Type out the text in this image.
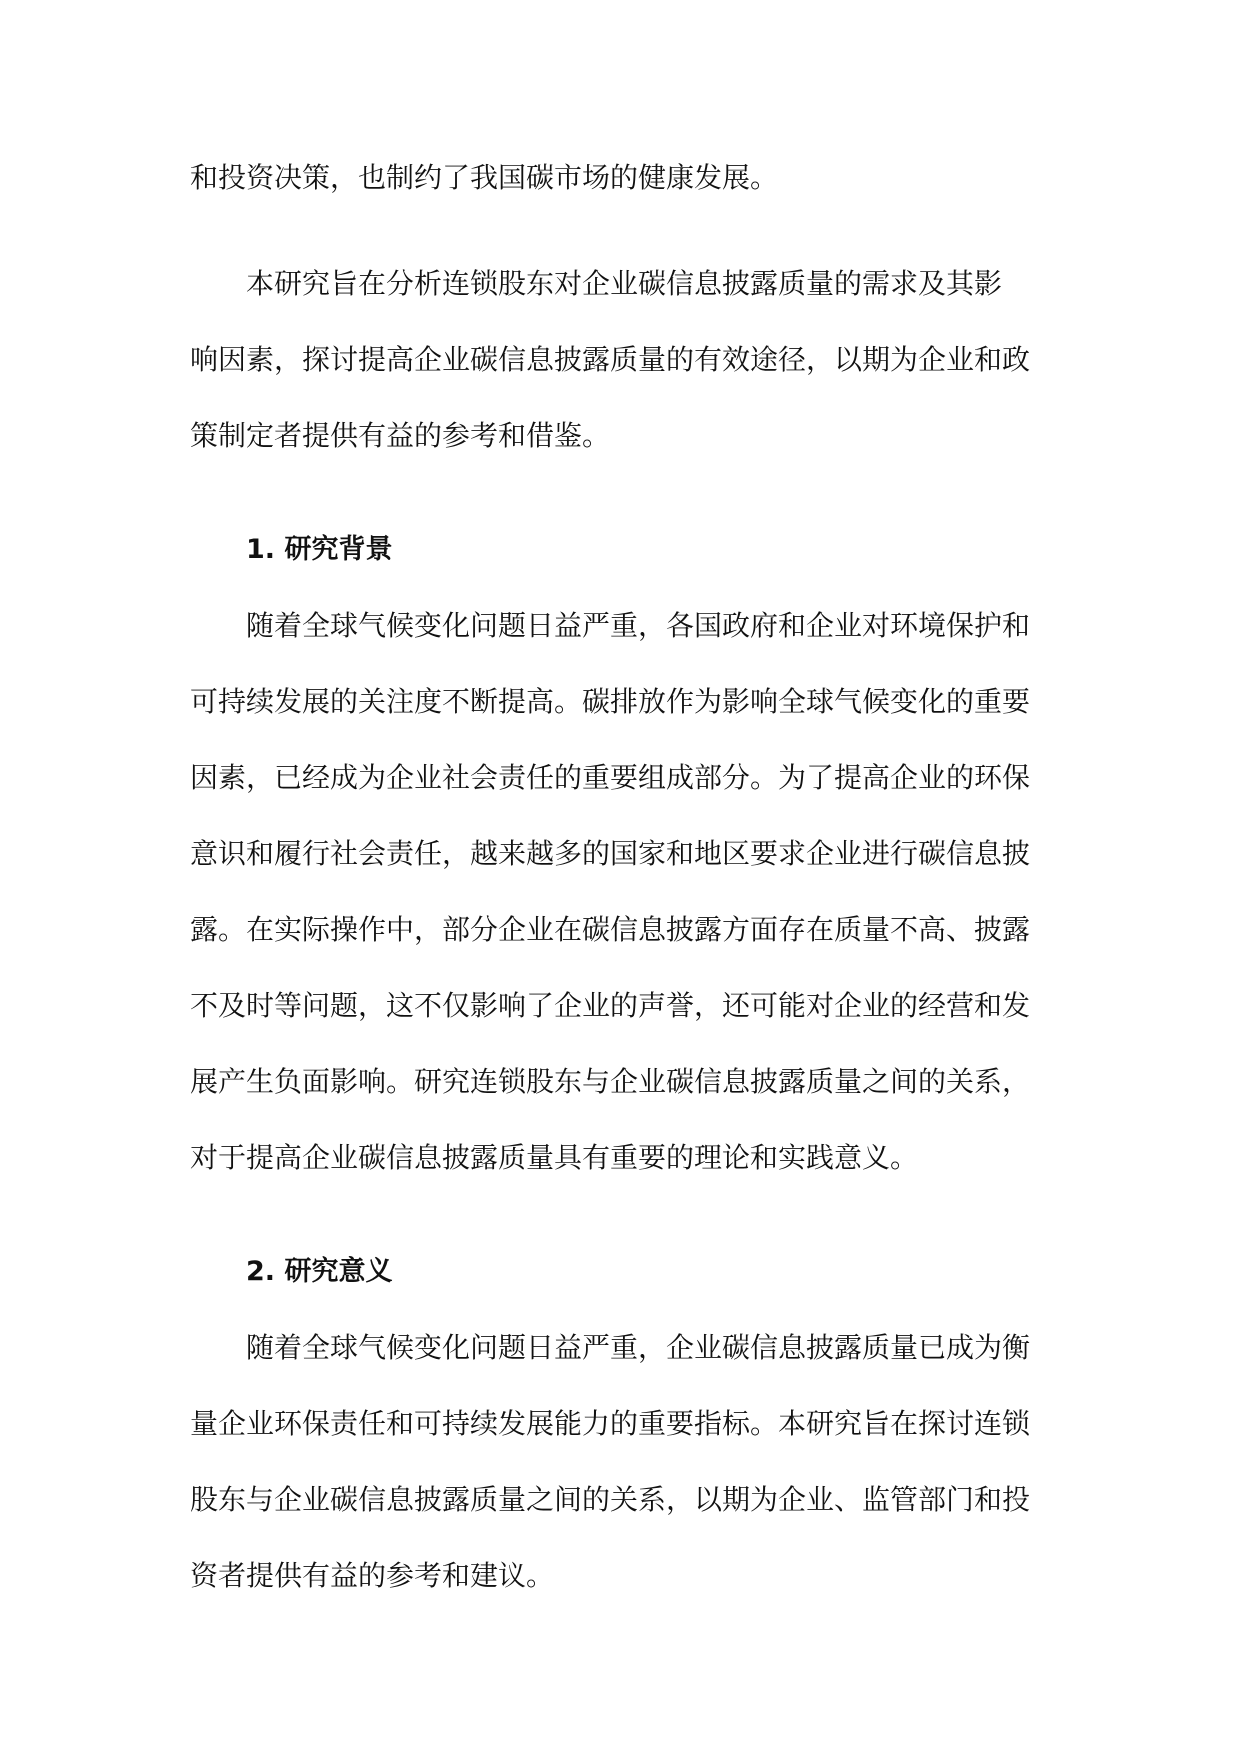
和投资决策，也制约了我国碳市场的健康发展。
本研究旨在分析连锁股东对企业碳信息披露质量的需求及其影
响因素，探讨提高企业碳信息披露质量的有效途径，以期为企业和政
策制定者提供有益的参考和借鉴。
1. 研究背景
随着全球气候变化问题日益严重，各国政府和企业对环境保护和
可持续发展的关注度不断提高。碳排放作为影响全球气候变化的重要
因素，已经成为企业社会责任的重要组成部分。为了提高企业的环保
意识和履行社会责任，越来越多的国家和地区要求企业进行碳信息披
露。在实际操作中，部分企业在碳信息披露方面存在质量不高、披露
不及时等问题，这不仅影响了企业的声誉，还可能对企业的经营和发
展产生负面影响。研究连锁股东与企业碳信息披露质量之间的关系，
对于提高企业碳信息披露质量具有重要的理论和实践意义。
2. 研究意义
随着全球气候变化问题日益严重，企业碳信息披露质量已成为衡
量企业环保责任和可持续发展能力的重要指标。本研究旨在探讨连锁
股东与企业碳信息披露质量之间的关系，以期为企业、监管部门和投
资者提供有益的参考和建议。
